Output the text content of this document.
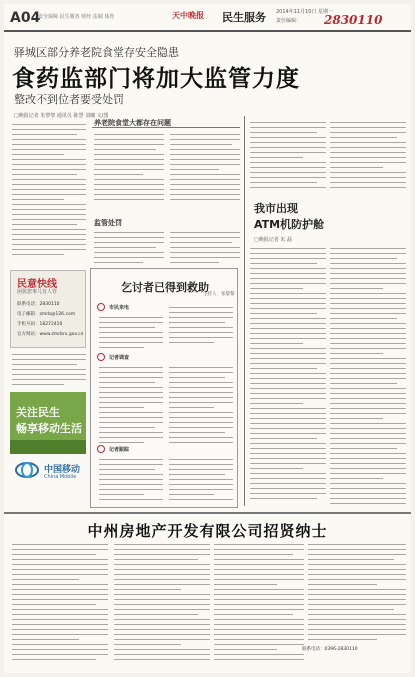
A04
安全保障 民生服务 财经 法制 体育	天中晚报 民生服务 2014年11月10日 星期一
责任编辑： 2830110
驿城区部分养老院食堂存安全隐患
食药监部门将加大监管力度
整改不到位者要受处罚
□晚报记者 朱黎黎 通讯员 陈慧 刘曦 文/图
养老院食堂大都存在问题
监管处罚
民意快线
困扰您事儿有人管
联系电话：2830110
电子邮箱：zmrb@126.com
手机号码：18272410
官方网站：www.zmrbrx.gov.cn
关注民生
畅享移动生活
中国移动
China Mobile
乞讨者已得到救助
主持人：张黎黎
市民来电
记者调查
记者跟踪
我市出现
ATM机防护舱
□晚报记者 朱 磊
中州房地产开发有限公司招贤纳士
联系电话：0396-2830110
